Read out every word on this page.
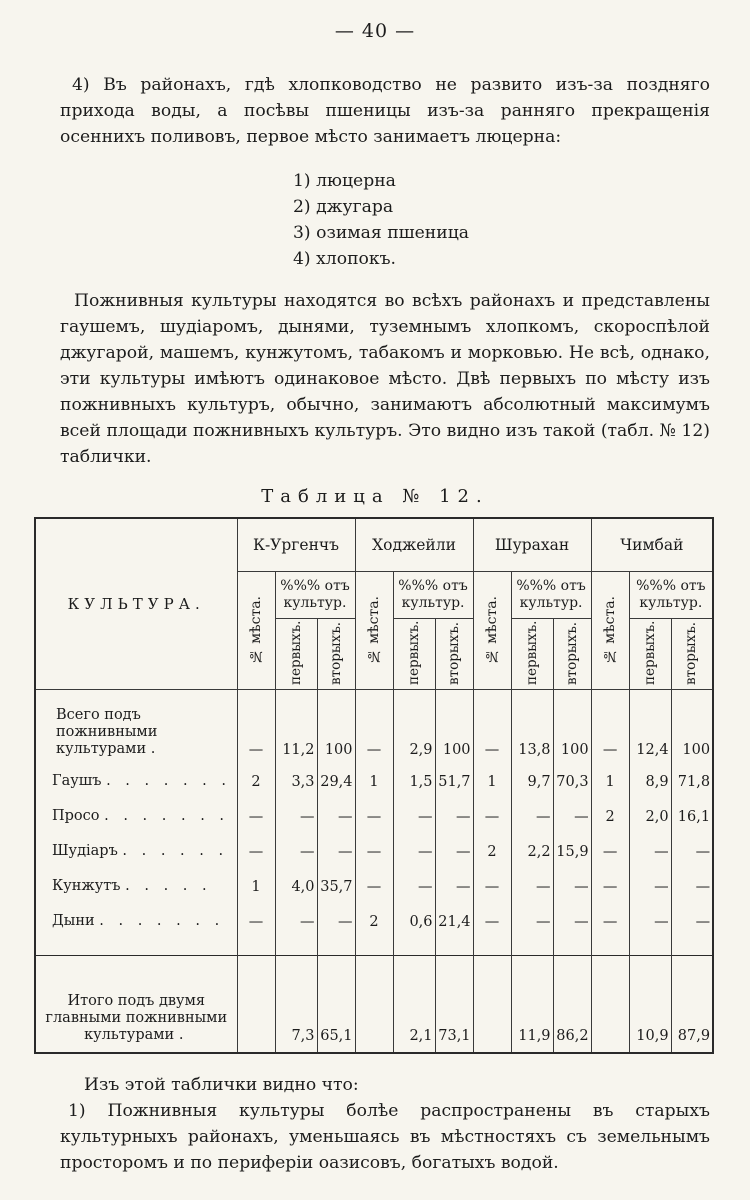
— 40 —

4) Въ районахъ, гдѣ хлопководство не развито изъ-за поздняго прихода воды, а посѣвы пшеницы изъ-за ранняго прекращенія осеннихъ поливовъ, первое мѣсто занимаетъ люцерна:

1) люцерна
2) джугара
3) озимая пшеница
4) хлопокъ.

Пожнивныя культуры находятся во всѣхъ районахъ и представлены гаушемъ, шудіаромъ, дынями, туземнымъ хлопкомъ, скороспѣлой джугарой, машемъ, кунжутомъ, табакомъ и морковью. Не всѣ, однако, эти культуры имѣютъ одинаковое мѣсто. Двѣ первыхъ по мѣсту изъ пожнивныхъ культуръ, обычно, занимаютъ абсолютный максимумъ всей площади пожнивныхъ культуръ. Это видно изъ такой (табл. № 12) таблички.

Таблица № 12.
КУЛЬТУРА.	К-Ургенчъ			Ходжейли			Шурахан			Чимбай		

	№ мѣста.	%%% отъ культур.		№ мѣста.	%%% отъ культур.		№ мѣста.	%%% отъ культур.		№ мѣста.	%%% отъ культур.	

		первыхъ.	вторыхъ.		первыхъ.	вторыхъ.		первыхъ.	вторыхъ.		первыхъ.	вторыхъ.

Всего подъ пожнивными культурами .	—	11,2	100	—	2,9	100	—	13,8	100	—	12,4	100
Гаушъ . . . . . . .	2	3,3	29,4	1	1,5	51,7	1	9,7	70,3	1	8,9	71,8
Просо . . . . . . .	—	—	—	—	—	—	—	—	—	2	2,0	16,1
Шудіаръ . . . . . .	—	—	—	—	—	—	2	2,2	15,9	—	—	—
Кунжутъ . . . . .	1	4,0	35,7	—	—	—	—	—	—	—	—	—
Дыни . . . . . . .	—	—	—	2	0,6	21,4	—	—	—	—	—	—

Итого подъ двумя главными пожнивными культурами .		7,3	65,1		2,1	73,1		11,9	86,2		10,9	87,9

Изъ этой таблички видно что:

1) Пожнивныя культуры болѣе распространены въ старыхъ культурныхъ районахъ, уменьшаясь въ мѣстностяхъ съ земельнымъ просторомъ и по периферіи оазисовъ, богатыхъ водой.
